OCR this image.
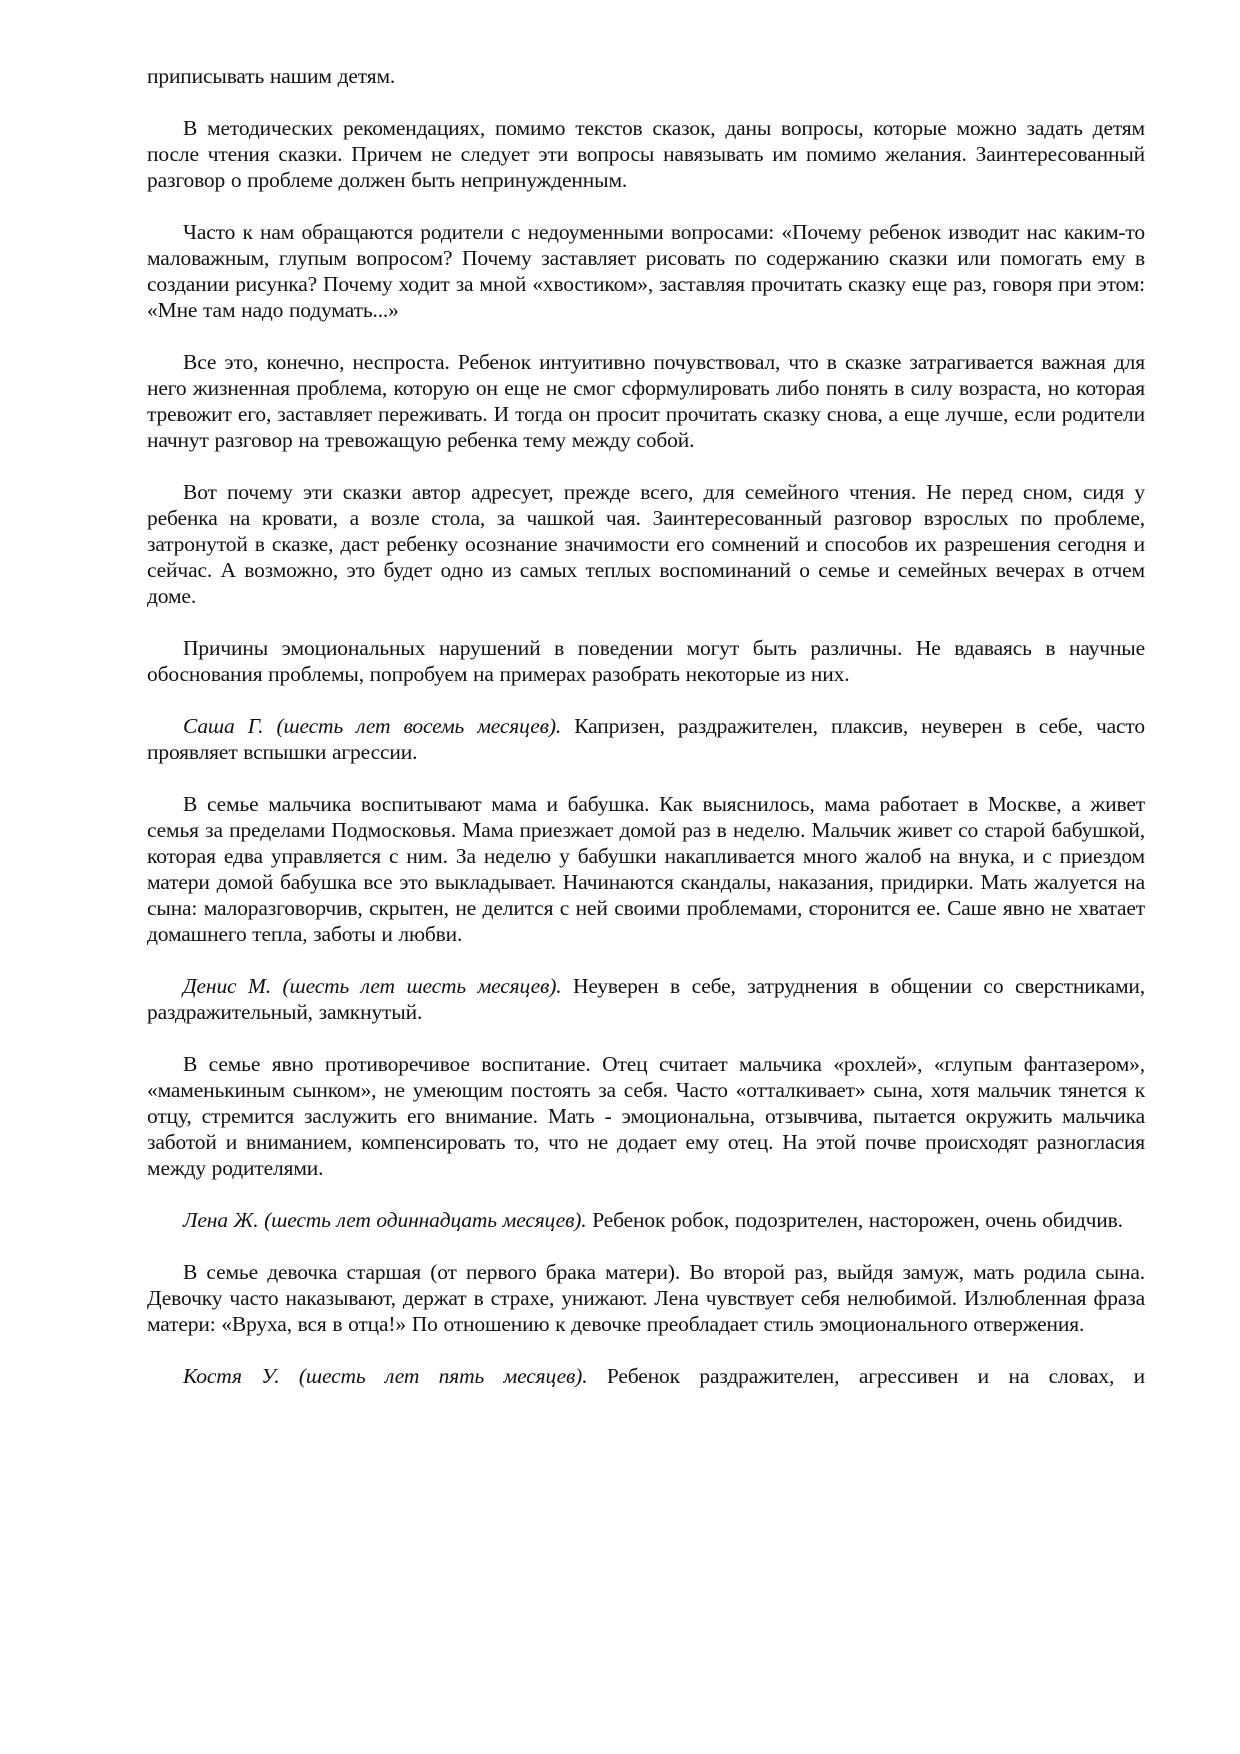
приписывать нашим детям.

В методических рекомендациях, помимо текстов сказок, даны вопросы, которые можно задать детям после чтения сказки. Причем не следует эти вопросы навязывать им помимо желания. Заинтересованный разговор о проблеме должен быть непринужденным.

Часто к нам обращаются родители с недоуменными вопросами: «Почему ребенок изводит нас каким-то маловажным, глупым вопросом? Почему заставляет рисовать по содержанию сказки или помогать ему в создании рисунка? Почему ходит за мной «хвостиком», заставляя прочитать сказку еще раз, говоря при этом: «Мне там надо подумать...»

Все это, конечно, неспроста. Ребенок интуитивно почувствовал, что в сказке затрагивается важная для него жизненная проблема, которую он еще не смог сформулировать либо понять в силу возраста, но которая тревожит его, заставляет переживать. И тогда он просит прочитать сказку снова, а еще лучше, если родители начнут разговор на тревожащую ребенка тему между собой.

Вот почему эти сказки автор адресует, прежде всего, для семейного чтения. Не перед сном, сидя у ребенка на кровати, а возле стола, за чашкой чая. Заинтересованный разговор взрослых по проблеме, затронутой в сказке, даст ребенку осознание значимости его сомнений и способов их разрешения сегодня и сейчас. А возможно, это будет одно из самых теплых воспоминаний о семье и семейных вечерах в отчем доме.

Причины эмоциональных нарушений в поведении могут быть различны. Не вдаваясь в научные обоснования проблемы, попробуем на примерах разобрать некоторые из них.

Саша Г. (шесть лет восемь месяцев). Капризен, раздражителен, плаксив, неуверен в себе, часто проявляет вспышки агрессии.

В семье мальчика воспитывают мама и бабушка. Как выяснилось, мама работает в Москве, а живет семья за пределами Подмосковья. Мама приезжает домой раз в неделю. Мальчик живет со старой бабушкой, которая едва управляется с ним. За неделю у бабушки накапливается много жалоб на внука, и с приездом матери домой бабушка все это выкладывает. Начинаются скандалы, наказания, придирки. Мать жалуется на сына: малоразговорчив, скрытен, не делится с ней своими проблемами, сторонится ее. Саше явно не хватает домашнего тепла, заботы и любви.

Денис М. (шесть лет шесть месяцев). Неуверен в себе, затруднения в общении со сверстниками, раздражительный, замкнутый.

В семье явно противоречивое воспитание. Отец считает мальчика «рохлей», «глупым фантазером», «маменькиным сынком», не умеющим постоять за себя. Часто «отталкивает» сына, хотя мальчик тянется к отцу, стремится заслужить его внимание. Мать - эмоциональна, отзывчива, пытается окружить мальчика заботой и вниманием, компенсировать то, что не додает ему отец. На этой почве происходят разногласия между родителями.

Лена Ж. (шесть лет одиннадцать месяцев). Ребенок робок, подозрителен, насторожен, очень обидчив.

В семье девочка старшая (от первого брака матери). Во второй раз, выйдя замуж, мать родила сына. Девочку часто наказывают, держат в страхе, унижают. Лена чувствует себя нелюбимой. Излюбленная фраза матери: «Вруха, вся в отца!» По отношению к девочке преобладает стиль эмоционального отвержения.

Костя У. (шесть лет пять месяцев). Ребенок раздражителен, агрессивен и на словах, и
